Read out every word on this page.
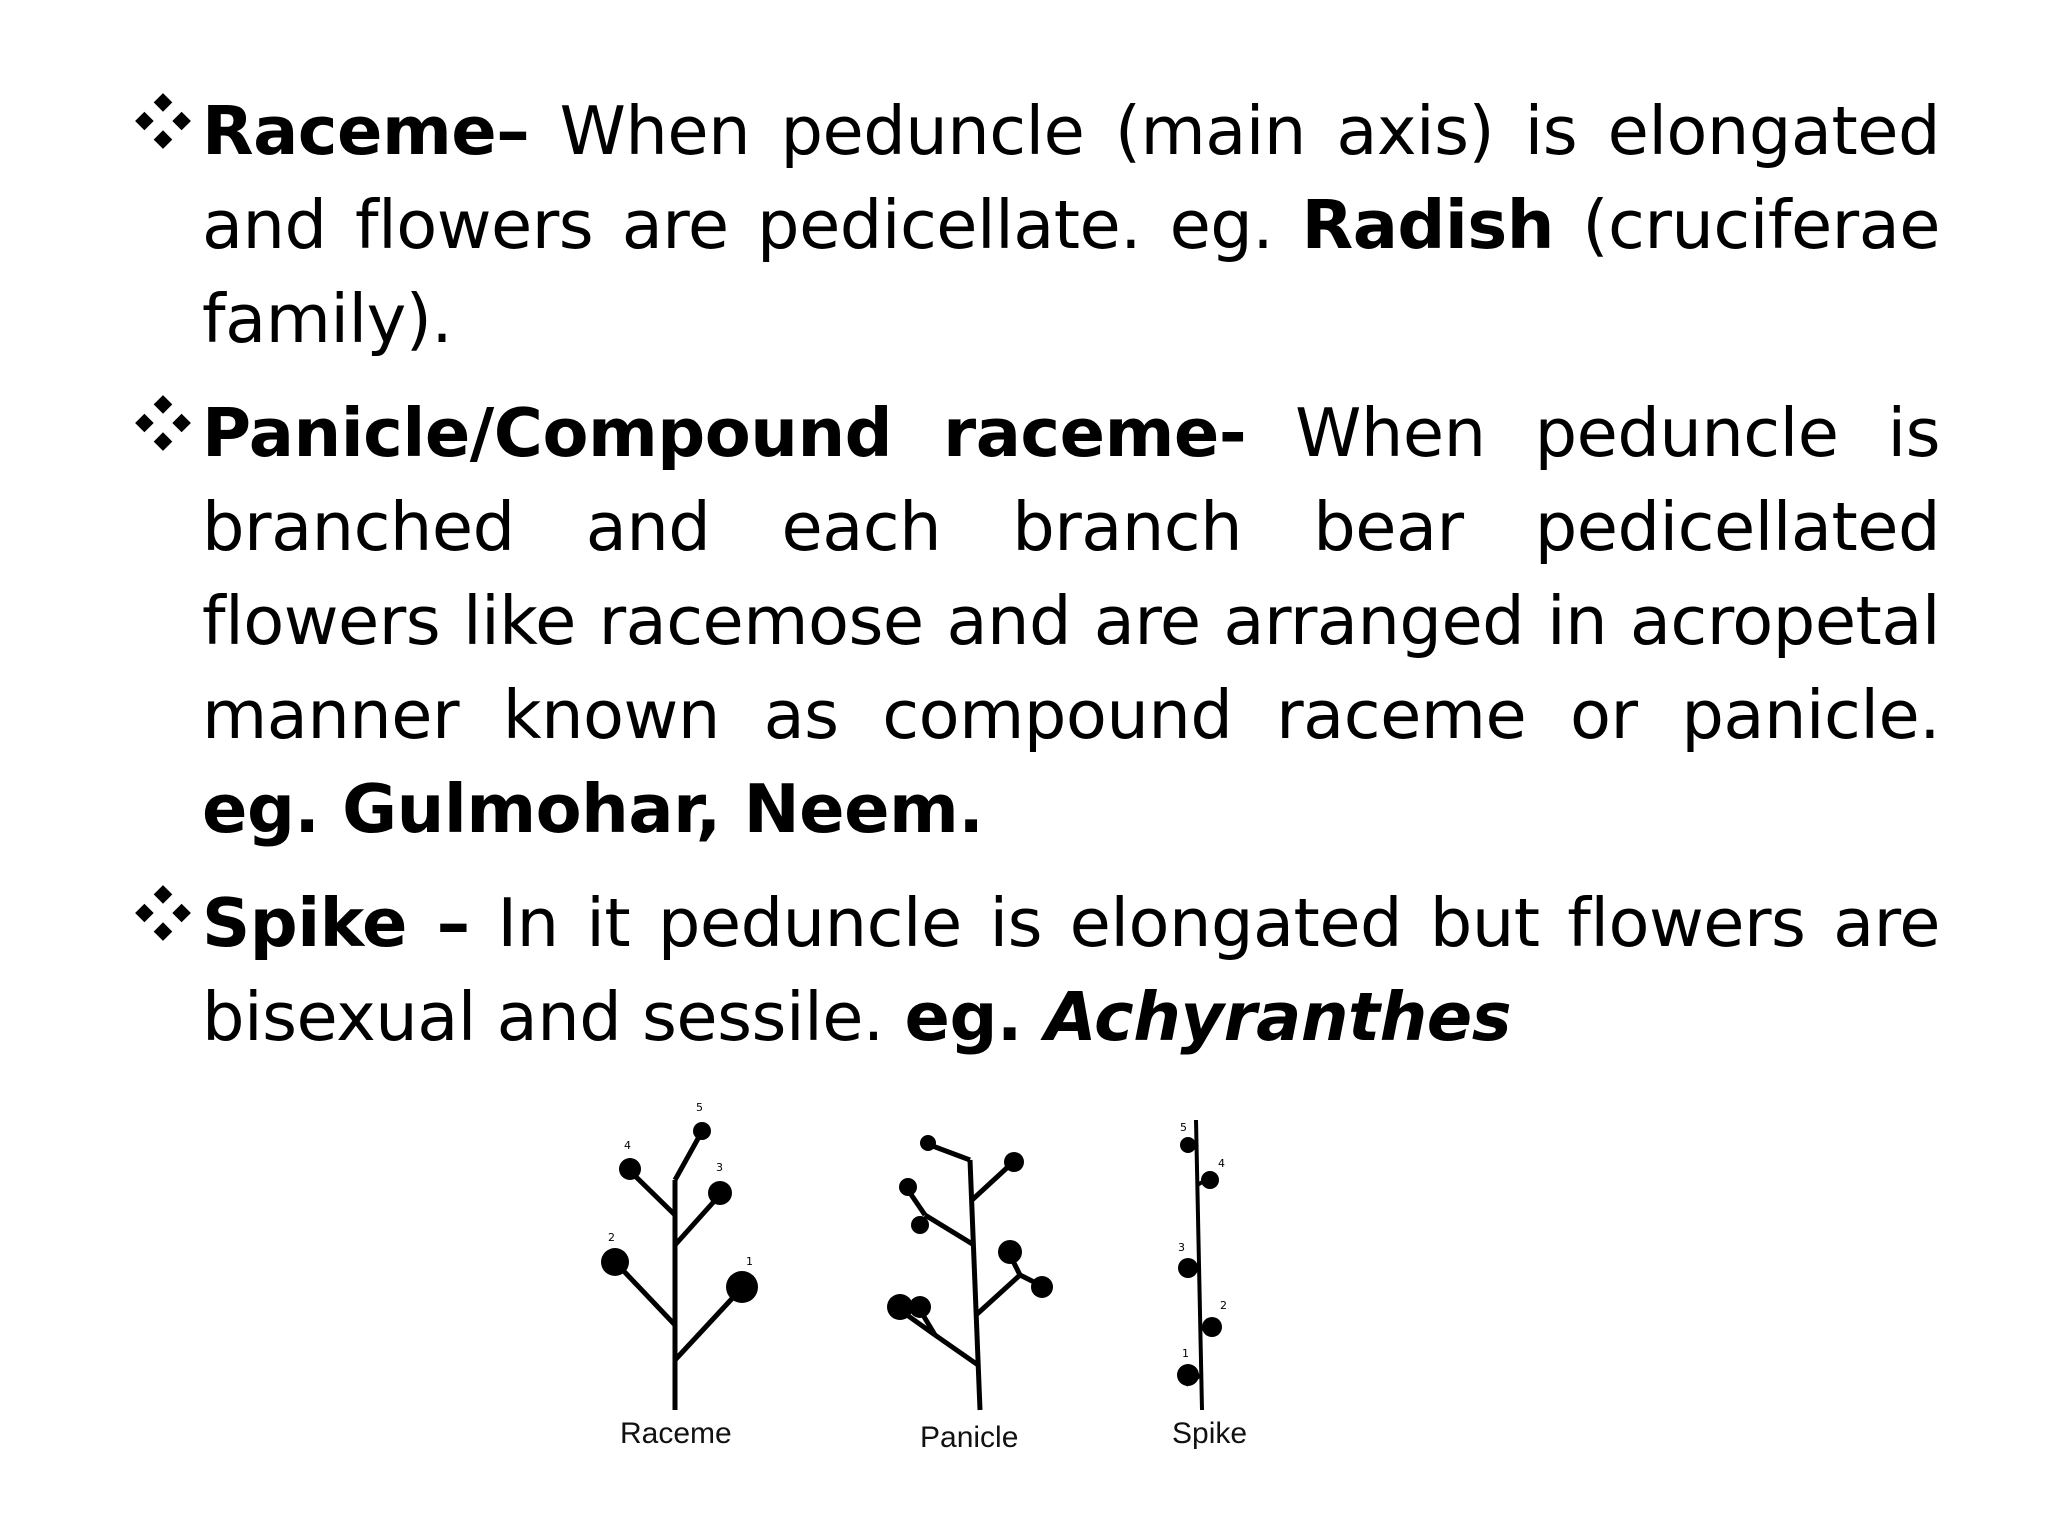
Raceme– When peduncle (main axis) is elongated and flowers are pedicellate. eg. Radish (cruciferae family).
Panicle/Compound raceme- When peduncle is branched and each branch bear pedicellated flowers like racemose and are arranged in acropetal manner known as compound raceme or panicle. eg. Gulmohar, Neem.
Spike – In it peduncle is elongated but flowers are bisexual and sessile. eg. Achyranthes
1
2
3
4
5
1
2
3
4
5
Raceme	Panicle	Spike
